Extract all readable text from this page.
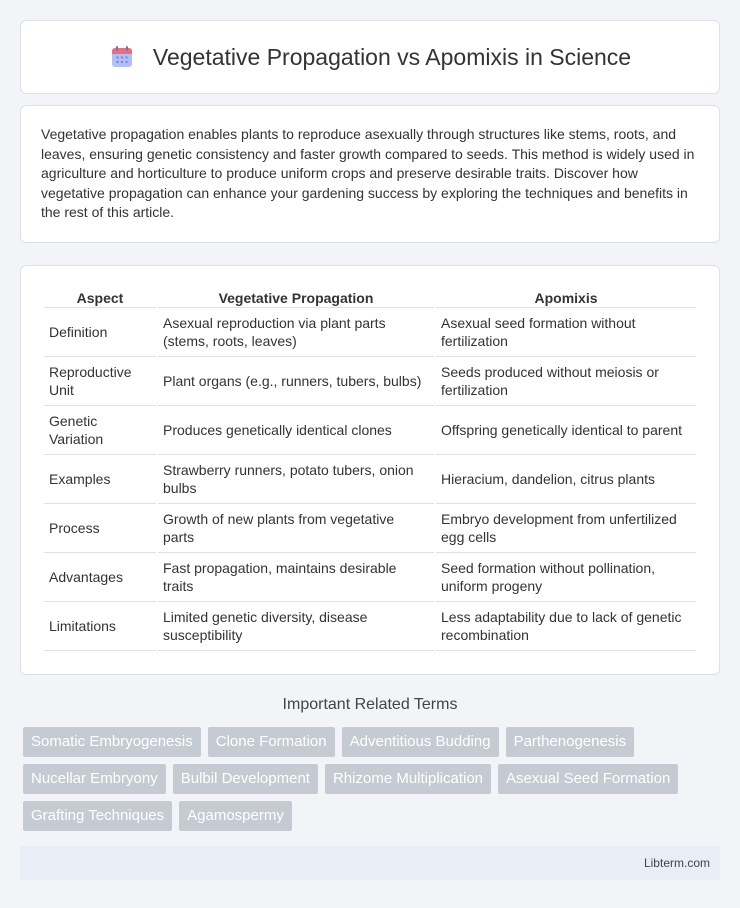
Vegetative Propagation vs Apomixis in Science

Vegetative propagation enables plants to reproduce asexually through structures like stems, roots, and leaves, ensuring genetic consistency and faster growth compared to seeds. This method is widely used in agriculture and horticulture to produce uniform crops and preserve desirable traits. Discover how vegetative propagation can enhance your gardening success by exploring the techniques and benefits in the rest of this article.

Aspect	Vegetative Propagation	Apomixis
Definition	Asexual reproduction via plant parts (stems, roots, leaves)	Asexual seed formation without fertilization
Reproductive Unit	Plant organs (e.g., runners, tubers, bulbs)	Seeds produced without meiosis or fertilization
Genetic Variation	Produces genetically identical clones	Offspring genetically identical to parent
Examples	Strawberry runners, potato tubers, onion bulbs	Hieracium, dandelion, citrus plants
Process	Growth of new plants from vegetative parts	Embryo development from unfertilized egg cells
Advantages	Fast propagation, maintains desirable traits	Seed formation without pollination, uniform progeny
Limitations	Limited genetic diversity, disease susceptibility	Less adaptability due to lack of genetic recombination
Important Related Terms
Somatic Embryogenesis	Clone Formation	Adventitious Budding	Parthenogenesis
Nucellar Embryony	Bulbil Development	Rhizome Multiplication	Asexual Seed Formation
Grafting Techniques	Agamospermy
Libterm.com
